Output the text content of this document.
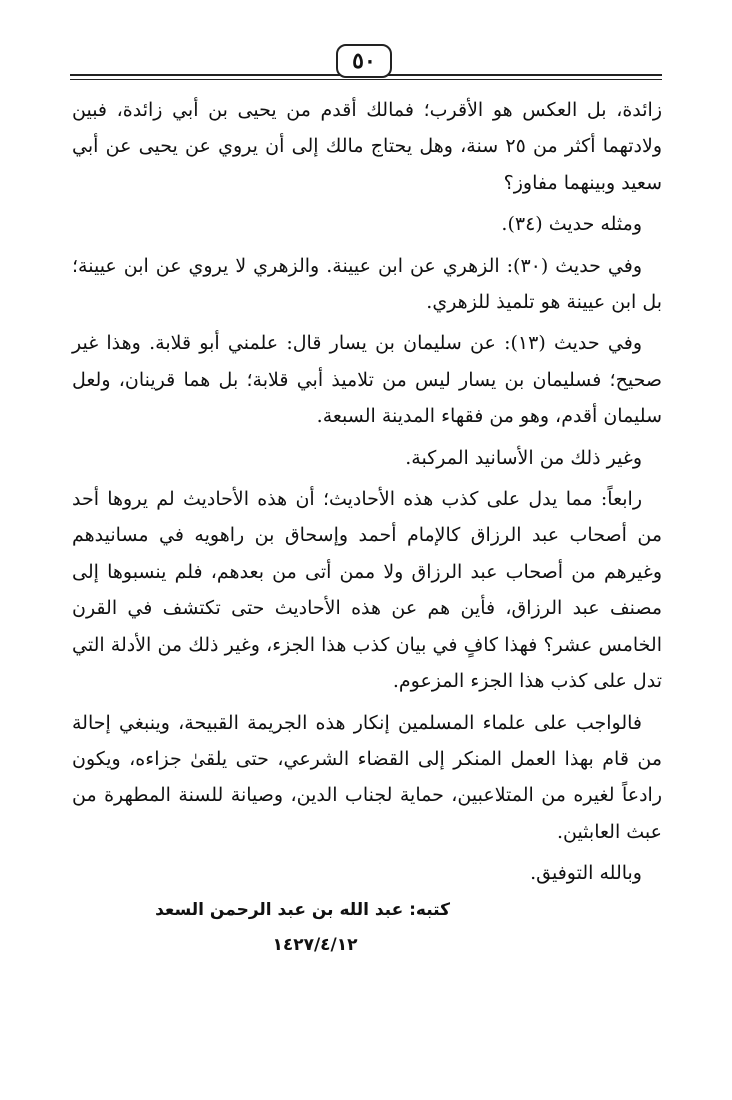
٥٠

زائدة، بل العكس هو الأقرب؛ فمالك أقدم من يحيى بن أبي زائدة، فبين ولادتهما أكثر من ٢٥ سنة، وهل يحتاج مالك إلى أن يروي عن يحيى عن أبي سعيد وبينهما مفاوز؟

ومثله حديث (٣٤).

وفي حديث (٣٠): الزهري عن ابن عيينة. والزهري لا يروي عن ابن عيينة؛ بل ابن عيينة هو تلميذ للزهري.

وفي حديث (١٣): عن سليمان بن يسار قال: علمني أبو قلابة. وهذا غير صحيح؛ فسليمان بن يسار ليس من تلاميذ أبي قلابة؛ بل هما قرينان، ولعل سليمان أقدم، وهو من فقهاء المدينة السبعة.

وغير ذلك من الأسانيد المركبة.

رابعاً: مما يدل على كذب هذه الأحاديث؛ أن هذه الأحاديث لم يروها أحد من أصحاب عبد الرزاق كالإمام أحمد وإسحاق بن راهويه في مسانيدهم وغيرهم من أصحاب عبد الرزاق ولا ممن أتى من بعدهم، فلم ينسبوها إلى مصنف عبد الرزاق، فأين هم عن هذه الأحاديث حتى تكتشف في القرن الخامس عشر؟ فهذا كافٍ في بيان كذب هذا الجزء، وغير ذلك من الأدلة التي تدل على كذب هذا الجزء المزعوم.

فالواجب على علماء المسلمين إنكار هذه الجريمة القبيحة، وينبغي إحالة من قام بهذا العمل المنكر إلى القضاء الشرعي، حتى يلقىٰ جزاءه، ويكون رادعاً لغيره من المتلاعبين، حماية لجناب الدين، وصيانة للسنة المطهرة من عبث العابثين.

وبالله التوفيق.

كتبه: عبد الله بن عبد الرحمن السعد
١٤٢٧/٤/١٢
